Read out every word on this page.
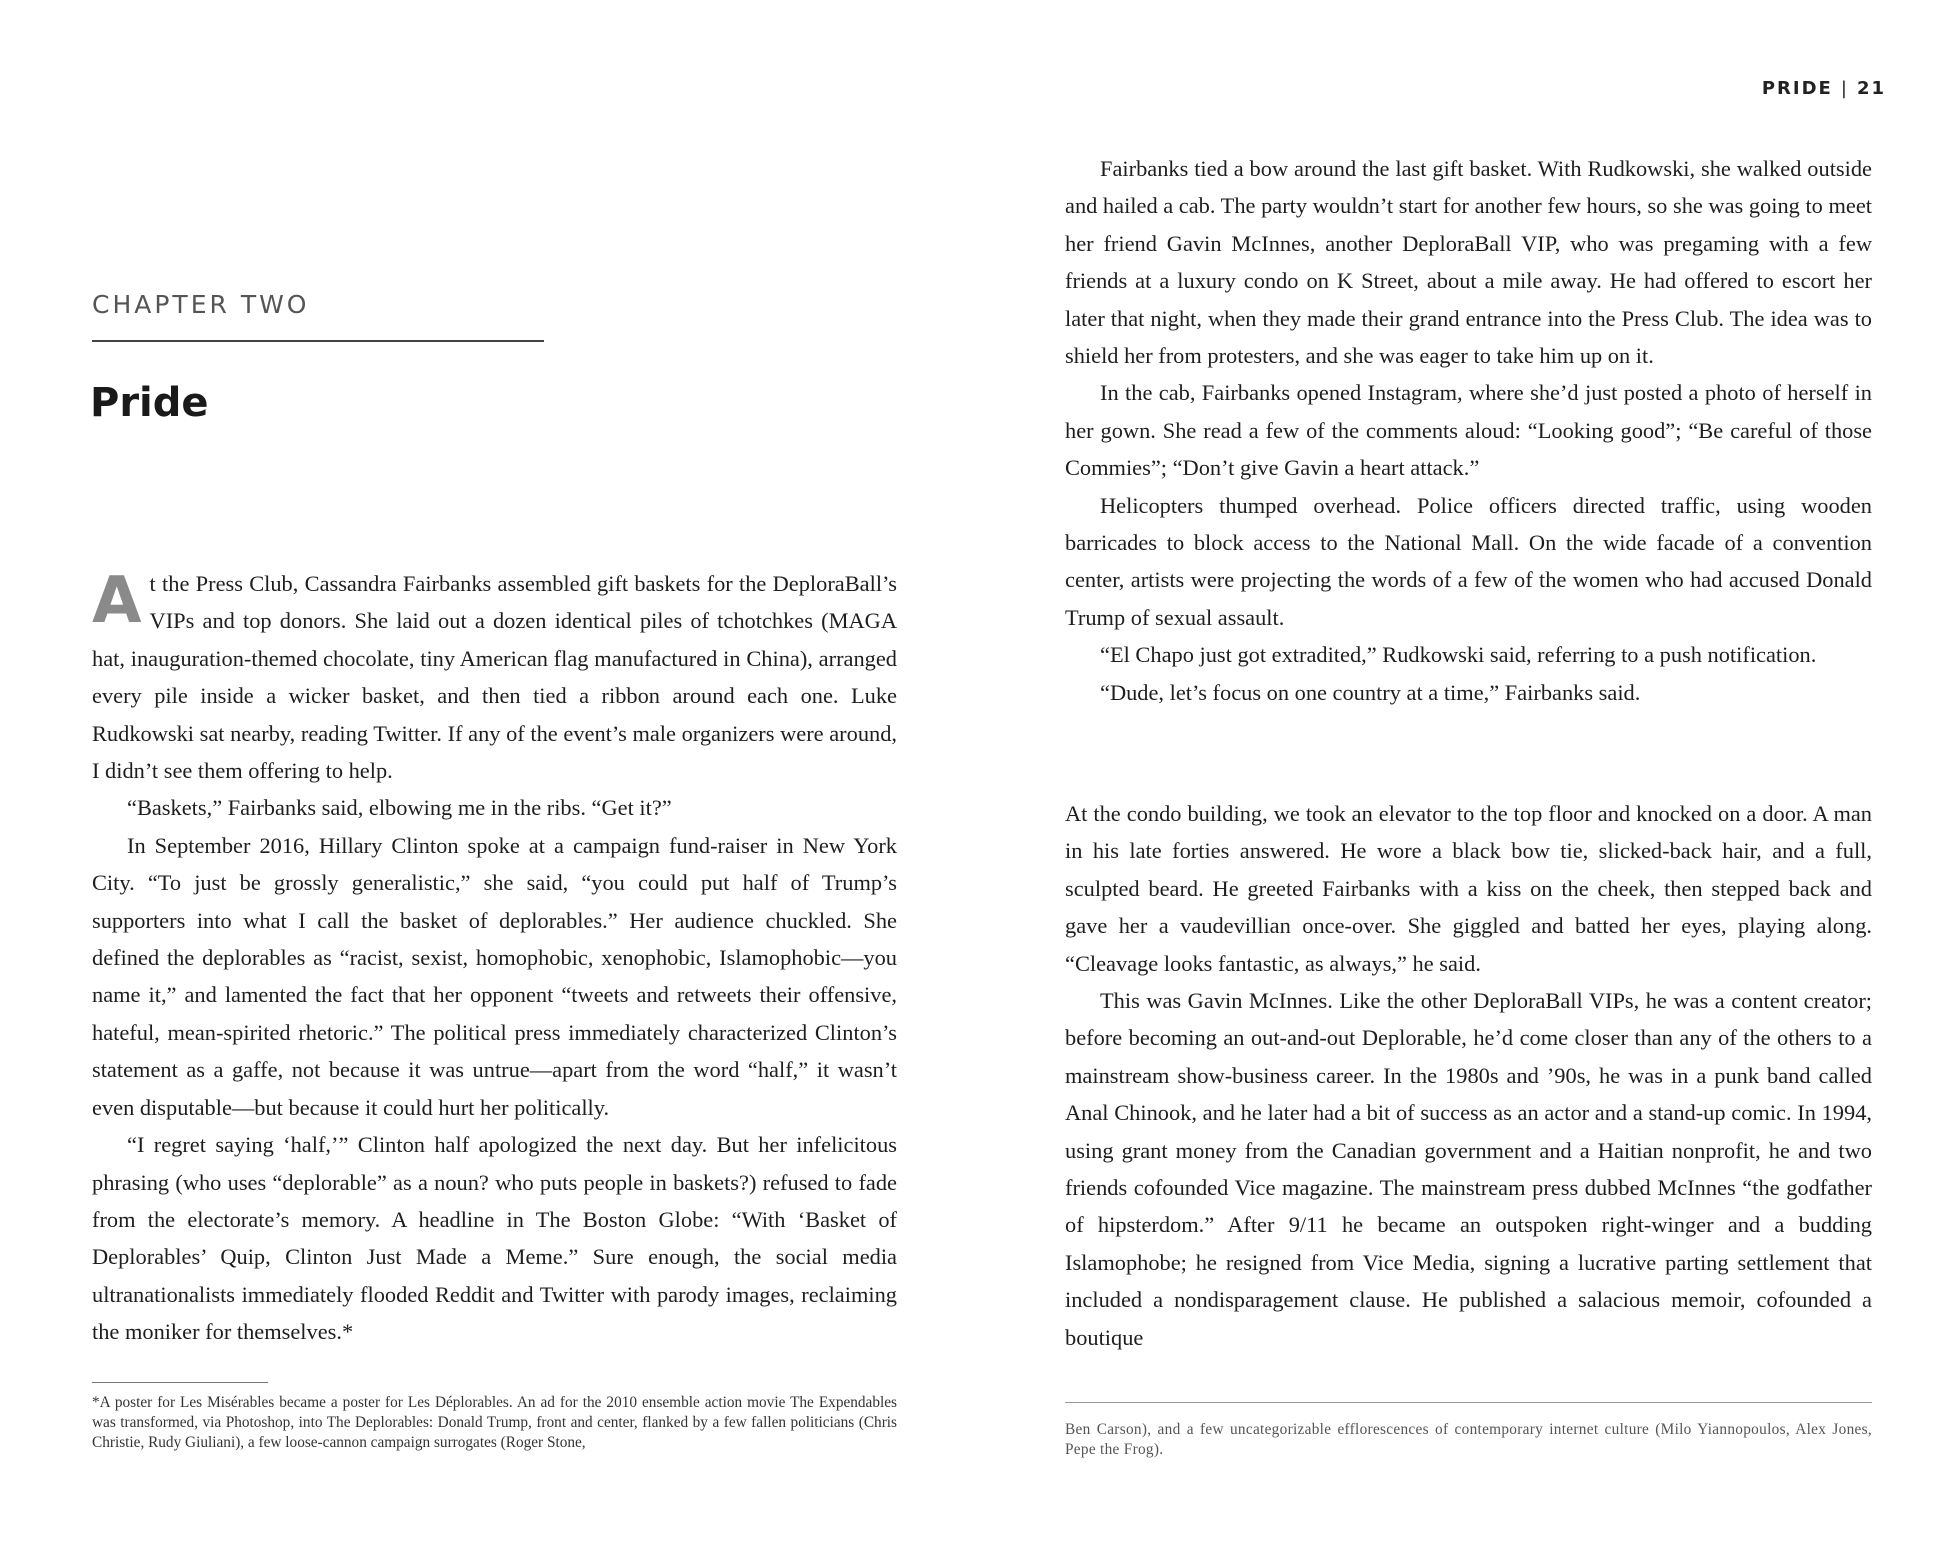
CHAPTER TWO
Pride

At the Press Club, Cassandra Fairbanks assembled gift baskets for the DeploraBall’s VIPs and top donors. She laid out a dozen identical piles of tchotchkes (MAGA hat, inauguration-themed chocolate, tiny American flag manufactured in China), arranged every pile inside a wicker basket, and then tied a ribbon around each one. Luke Rudkowski sat nearby, reading Twitter. If any of the event’s male organizers were around, I didn’t see them offering to help.

“Baskets,” Fairbanks said, elbowing me in the ribs. “Get it?”

In September 2016, Hillary Clinton spoke at a campaign fund-raiser in New York City. “To just be grossly generalistic,” she said, “you could put half of Trump’s supporters into what I call the basket of deplorables.” Her audience chuckled. She defined the deplorables as “racist, sexist, homophobic, xenophobic, Islamophobic—you name it,” and lamented the fact that her opponent “tweets and retweets their offensive, hateful, mean-spirited rhetoric.” The political press immediately characterized Clinton’s statement as a gaffe, not because it was untrue—apart from the word “half,” it wasn’t even disputable—but because it could hurt her politically.

“I regret saying ‘half,’” Clinton half apologized the next day. But her infelicitous phrasing (who uses “deplorable” as a noun? who puts people in baskets?) refused to fade from the electorate’s memory. A headline in The Boston Globe: “With ‘Basket of Deplorables’ Quip, Clinton Just Made a Meme.” Sure enough, the social media ultranationalists immediately flooded Reddit and Twitter with parody images, reclaiming the moniker for themselves.*

*A poster for Les Misérables became a poster for Les Déplorables. An ad for the 2010 ensemble action movie The Expendables was transformed, via Photoshop, into The Deplorables: Donald Trump, front and center, flanked by a few fallen politicians (Chris Christie, Rudy Giuliani), a few loose-cannon campaign surrogates (Roger Stone,

PRIDE | 21

Fairbanks tied a bow around the last gift basket. With Rudkowski, she walked outside and hailed a cab. The party wouldn’t start for another few hours, so she was going to meet her friend Gavin McInnes, another DeploraBall VIP, who was pregaming with a few friends at a luxury condo on K Street, about a mile away. He had offered to escort her later that night, when they made their grand entrance into the Press Club. The idea was to shield her from protesters, and she was eager to take him up on it.

In the cab, Fairbanks opened Instagram, where she’d just posted a photo of herself in her gown. She read a few of the comments aloud: “Looking good”; “Be careful of those Commies”; “Don’t give Gavin a heart attack.”

Helicopters thumped overhead. Police officers directed traffic, using wooden barricades to block access to the National Mall. On the wide facade of a convention center, artists were projecting the words of a few of the women who had accused Donald Trump of sexual assault.

“El Chapo just got extradited,” Rudkowski said, referring to a push notification.

“Dude, let’s focus on one country at a time,” Fairbanks said.

At the condo building, we took an elevator to the top floor and knocked on a door. A man in his late forties answered. He wore a black bow tie, slicked-back hair, and a full, sculpted beard. He greeted Fairbanks with a kiss on the cheek, then stepped back and gave her a vaudevillian once-over. She giggled and batted her eyes, playing along. “Cleavage looks fantastic, as always,” he said.

This was Gavin McInnes. Like the other DeploraBall VIPs, he was a content creator; before becoming an out-and-out Deplorable, he’d come closer than any of the others to a mainstream show-business career. In the 1980s and ’90s, he was in a punk band called Anal Chinook, and he later had a bit of success as an actor and a stand-up comic. In 1994, using grant money from the Canadian government and a Haitian nonprofit, he and two friends cofounded Vice magazine. The mainstream press dubbed McInnes “the godfather of hipsterdom.” After 9/11 he became an outspoken right-winger and a budding Islamophobe; he resigned from Vice Media, signing a lucrative parting settlement that included a nondisparagement clause. He published a salacious memoir, cofounded a boutique

Ben Carson), and a few uncategorizable efflorescences of contemporary internet culture (Milo Yiannopoulos, Alex Jones, Pepe the Frog).
